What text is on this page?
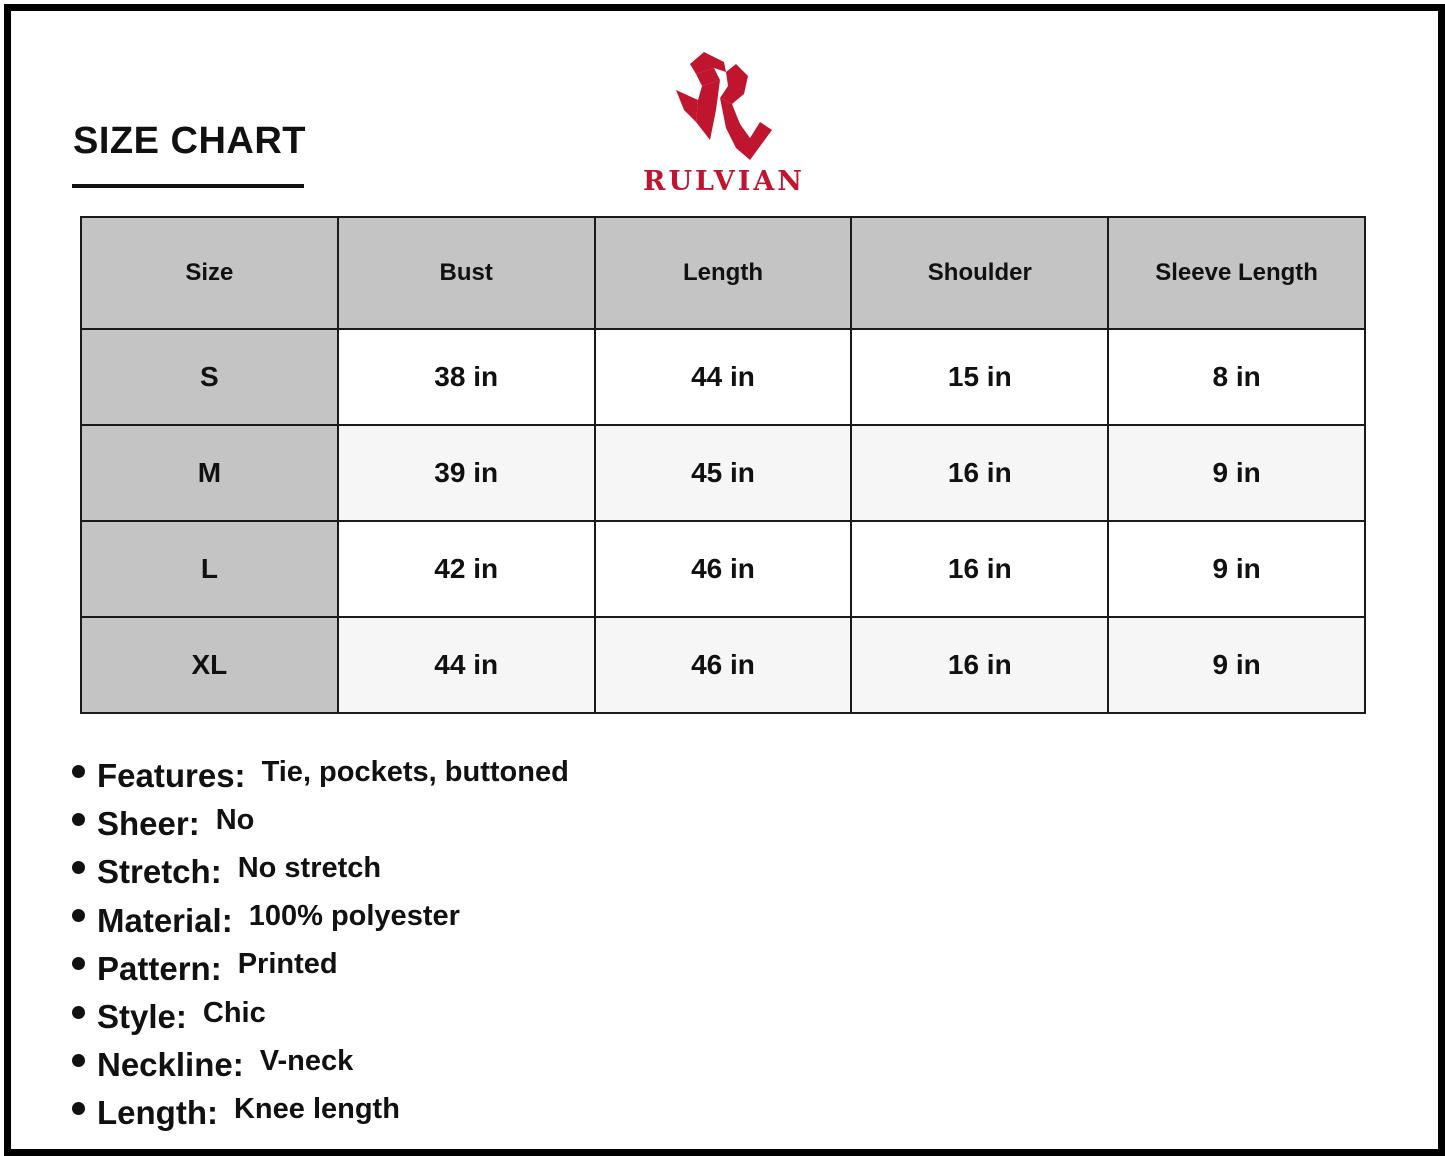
SIZE CHART
RULVIAN
Size	Bust	Length	Shoulder	Sleeve Length
S	38 in	44 in	15 in	8 in
M	39 in	45 in	16 in	9 in
L	42 in	46 in	16 in	9 in
XL	44 in	46 in	16 in	9 in
Features: Tie, pockets, buttoned
Sheer: No
Stretch: No stretch
Material: 100% polyester
Pattern: Printed
Style: Chic
Neckline: V-neck
Length: Knee length
